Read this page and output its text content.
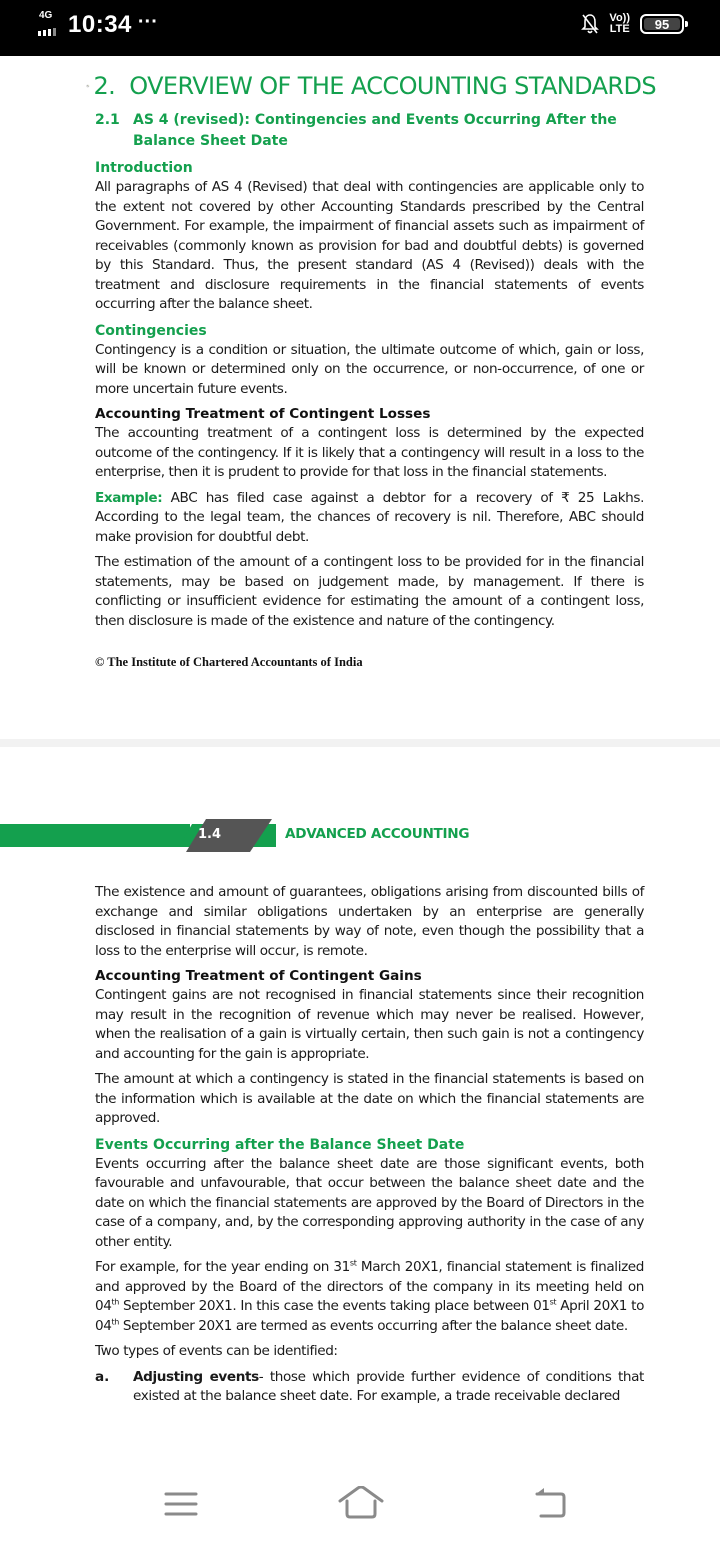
4G 10:34 ···	Vo))
LTE	95
2. OVERVIEW OF THE ACCOUNTING STANDARDS
2.1 AS 4 (revised): Contingencies and Events Occurring After the Balance Sheet Date
Introduction

All paragraphs of AS 4 (Revised) that deal with contingencies are applicable only to the extent not covered by other Accounting Standards prescribed by the Central Government. For example, the impairment of financial assets such as impairment of receivables (commonly known as provision for bad and doubtful debts) is governed by this Standard. Thus, the present standard (AS 4 (Revised)) deals with the treatment and disclosure requirements in the financial statements of events occurring after the balance sheet.

Contingencies

Contingency is a condition or situation, the ultimate outcome of which, gain or loss, will be known or determined only on the occurrence, or non-occurrence, of one or more uncertain future events.

Accounting Treatment of Contingent Losses

The accounting treatment of a contingent loss is determined by the expected outcome of the contingency. If it is likely that a contingency will result in a loss to the enterprise, then it is prudent to provide for that loss in the financial statements.

Example: ABC has filed case against a debtor for a recovery of ₹ 25 Lakhs. According to the legal team, the chances of recovery is nil. Therefore, ABC should make provision for doubtful debt.

The estimation of the amount of a contingent loss to be provided for in the financial statements, may be based on judgement made, by management. If there is conflicting or insufficient evidence for estimating the amount of a contingent loss, then disclosure is made of the existence and nature of the contingency.

© The Institute of Chartered Accountants of India
1.4	ADVANCED ACCOUNTING

The existence and amount of guarantees, obligations arising from discounted bills of exchange and similar obligations undertaken by an enterprise are generally disclosed in financial statements by way of note, even though the possibility that a loss to the enterprise will occur, is remote.

Accounting Treatment of Contingent Gains

Contingent gains are not recognised in financial statements since their recognition may result in the recognition of revenue which may never be realised. However, when the realisation of a gain is virtually certain, then such gain is not a contingency and accounting for the gain is appropriate.

The amount at which a contingency is stated in the financial statements is based on the information which is available at the date on which the financial statements are approved.

Events Occurring after the Balance Sheet Date

Events occurring after the balance sheet date are those significant events, both favourable and unfavourable, that occur between the balance sheet date and the date on which the financial statements are approved by the Board of Directors in the case of a company, and, by the corresponding approving authority in the case of any other entity.

For example, for the year ending on 31st March 20X1, financial statement is finalized and approved by the Board of the directors of the company in its meeting held on 04th September 20X1. In this case the events taking place between 01st April 20X1 to 04th September 20X1 are termed as events occurring after the balance sheet date.

Two types of events can be identified:

a.	Adjusting events- those which provide further evidence of conditions that existed at the balance sheet date. For example, a trade receivable declared
